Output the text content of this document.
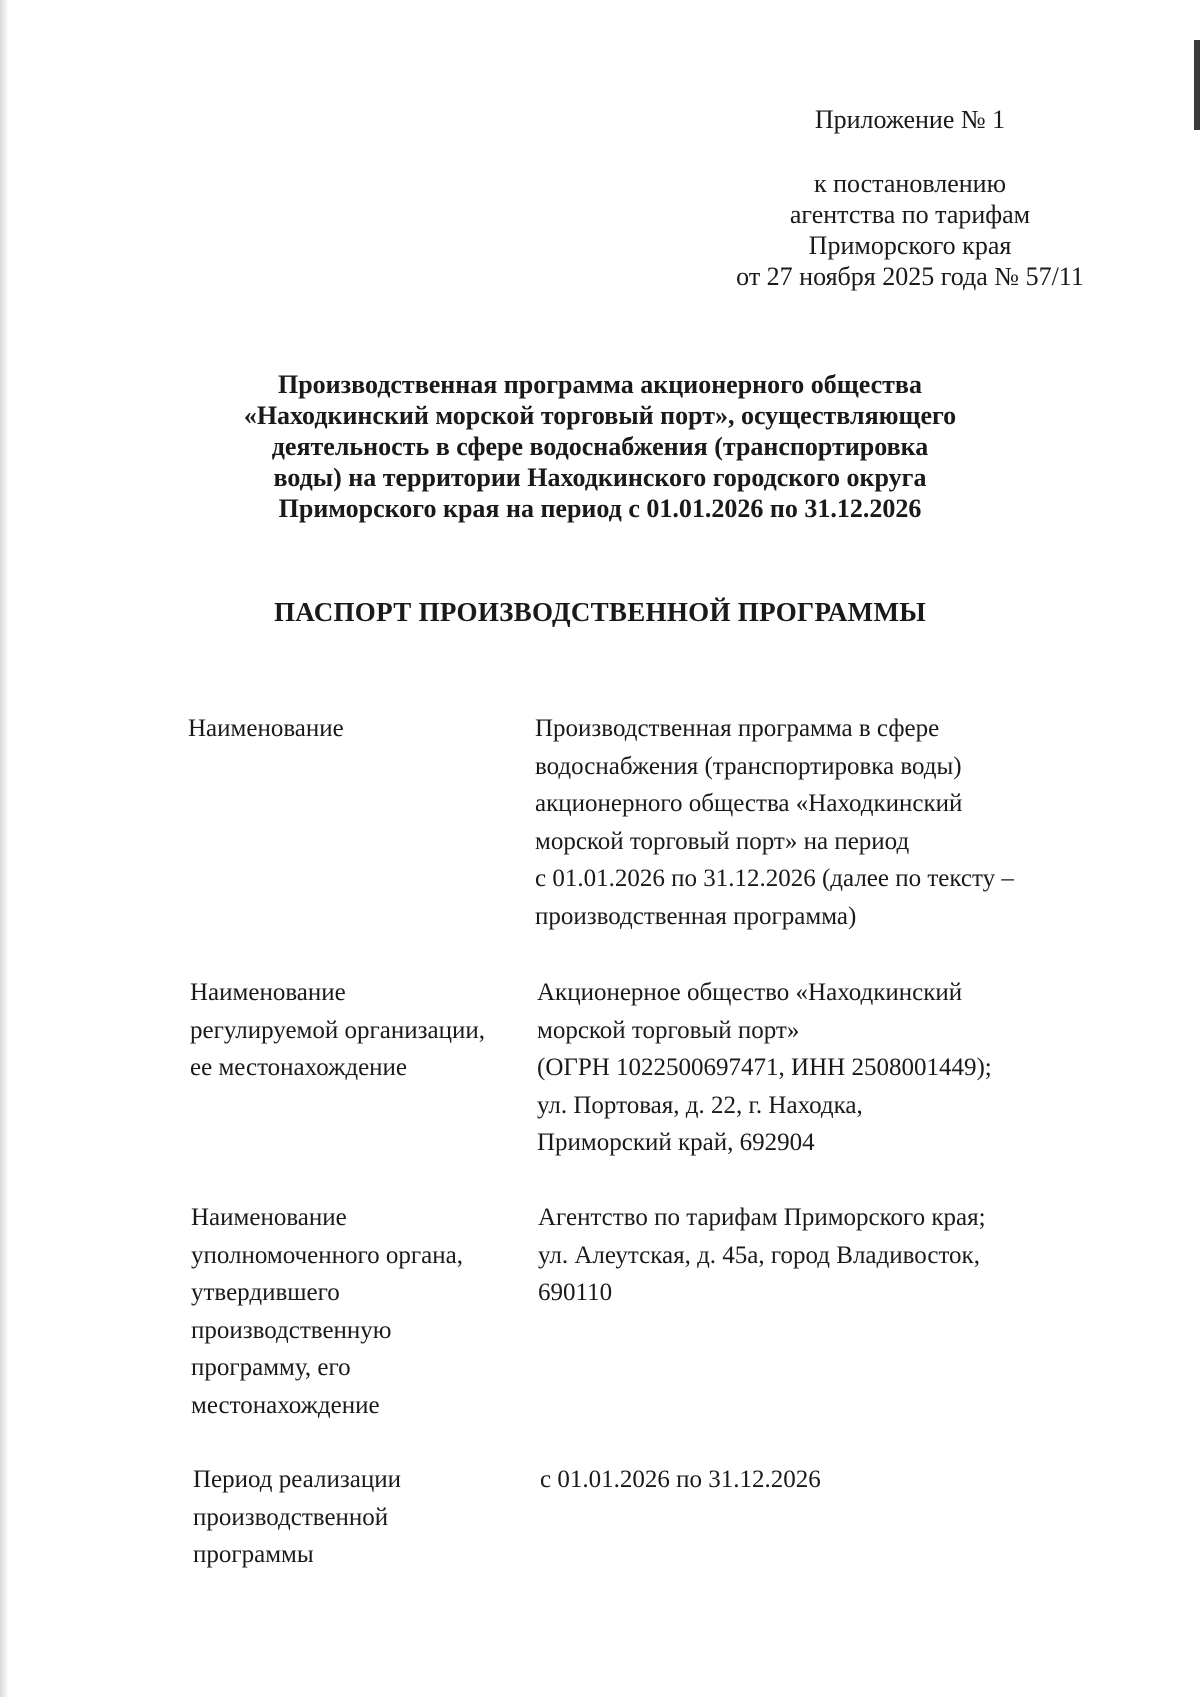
Приложение № 1
к постановлению
агентства по тарифам
Приморского края
от 27 ноября 2025 года № 57/11
Производственная программа акционерного общества
«Находкинский морской торговый порт», осуществляющего
деятельность в сфере водоснабжения (транспортировка
воды) на территории Находкинского городского округа
Приморского края на период с 01.01.2026 по 31.12.2026
ПАСПОРТ ПРОИЗВОДСТВЕННОЙ ПРОГРАММЫ
Наименование	Производственная программа в сфере
водоснабжения (транспортировка воды)
акционерного общества «Находкинский
морской торговый порт» на период
с 01.01.2026 по 31.12.2026 (далее по тексту –
производственная программа)
Наименование
регулируемой организации,
ее местонахождение
Акционерное общество «Находкинский
морской торговый порт»
(ОГРН 1022500697471, ИНН 2508001449);
ул. Портовая, д. 22, г. Находка,
Приморский край, 692904
Наименование
уполномоченного органа,
утвердившего
производственную
программу, его
местонахождение
Агентство по тарифам Приморского края;
ул. Алеутская, д. 45а, город Владивосток,
690110
Период реализации
производственной
программы
с 01.01.2026 по 31.12.2026
